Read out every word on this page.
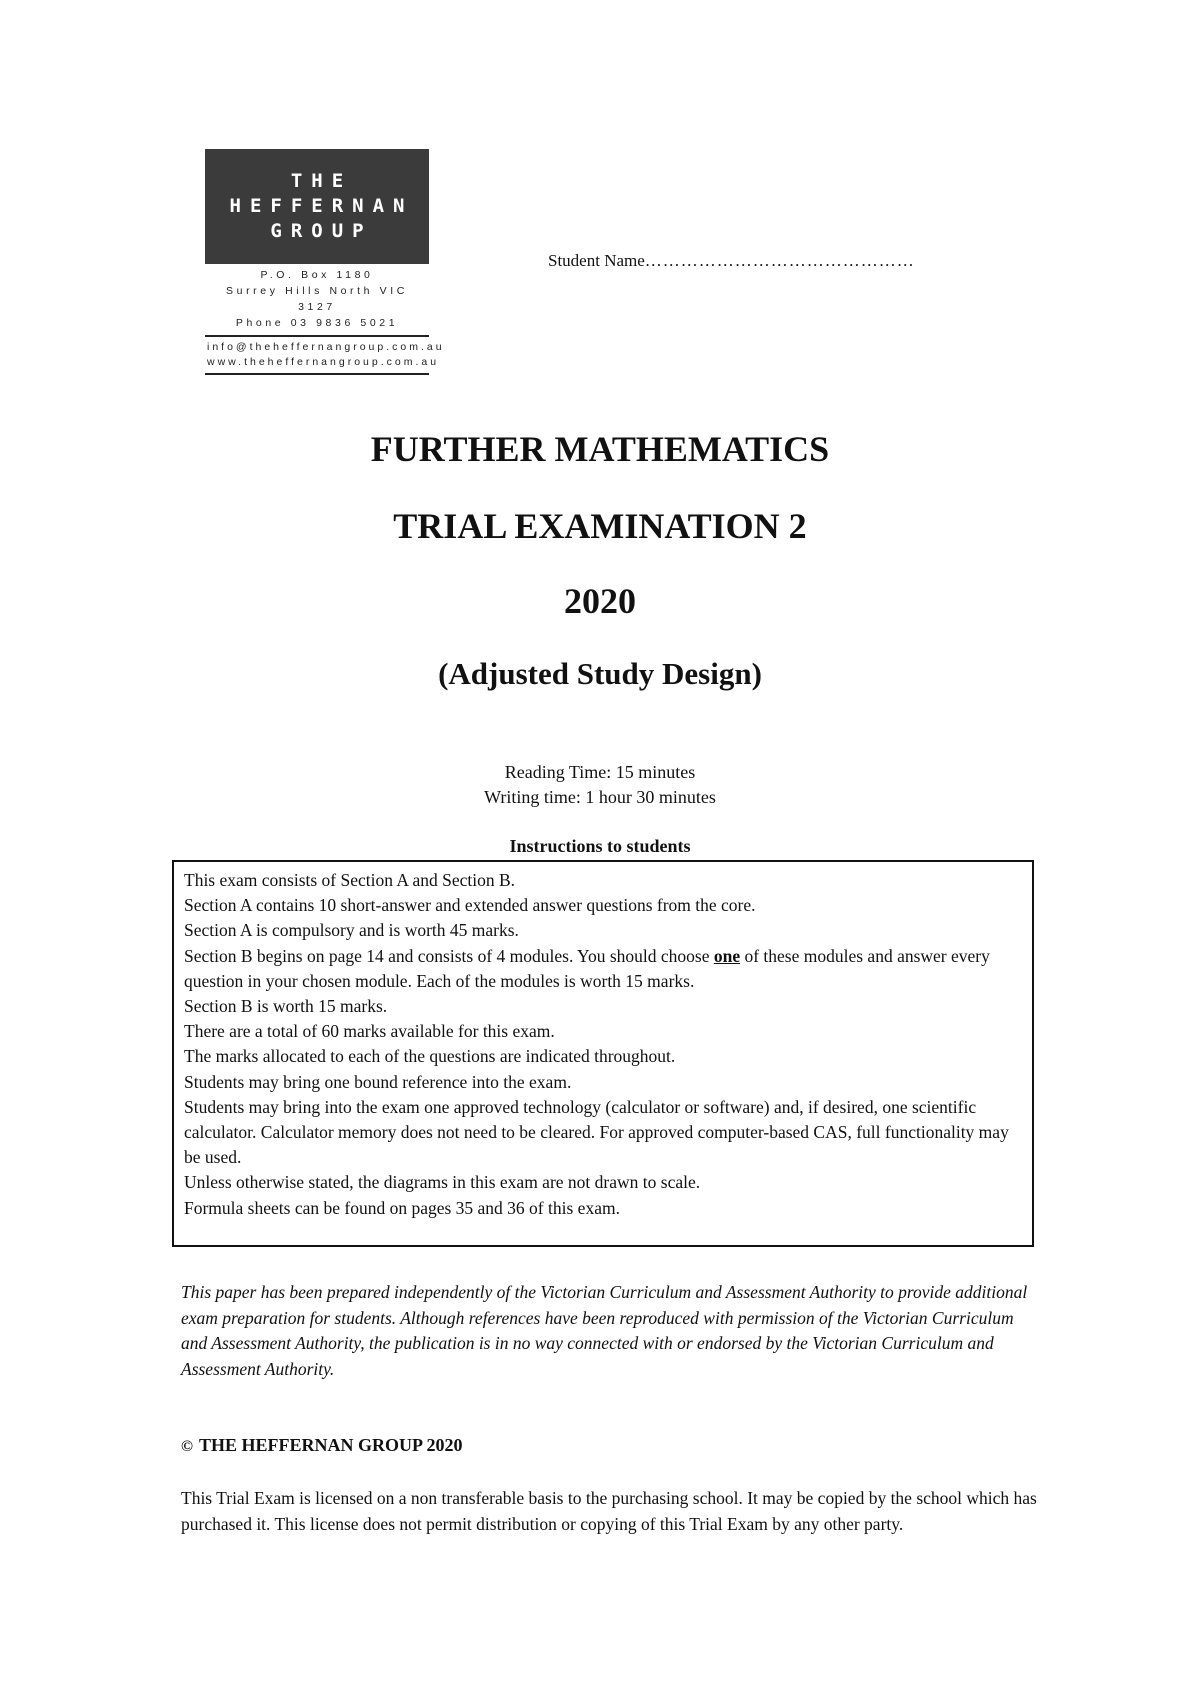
THE
HEFFERNAN
GROUP
P.O. Box 1180
Surrey Hills North VIC 3127
Phone 03 9836 5021
info@theheffernangroup.com.au
www.theheffernangroup.com.au
Student Name………………………………………
FURTHER MATHEMATICS
TRIAL EXAMINATION 2
2020
(Adjusted Study Design)
Reading Time: 15 minutes
Writing time: 1 hour 30 minutes
Instructions to students

This exam consists of Section A and Section B.

Section A contains 10 short-answer and extended answer questions from the core.

Section A is compulsory and is worth 45 marks.

Section B begins on page 14 and consists of 4 modules. You should choose one of these modules and answer every question in your chosen module. Each of the modules is worth 15 marks.

Section B is worth 15 marks.

There are a total of 60 marks available for this exam.

The marks allocated to each of the questions are indicated throughout.

Students may bring one bound reference into the exam.

Students may bring into the exam one approved technology (calculator or software) and, if desired, one scientific calculator. Calculator memory does not need to be cleared. For approved computer-based CAS, full functionality may be used.

Unless otherwise stated, the diagrams in this exam are not drawn to scale.

Formula sheets can be found on pages 35 and 36 of this exam.

This paper has been prepared independently of the Victorian Curriculum and Assessment Authority to provide additional exam preparation for students. Although references have been reproduced with permission of the Victorian Curriculum and Assessment Authority, the publication is in no way connected with or endorsed by the Victorian Curriculum and Assessment Authority.

© THE HEFFERNAN GROUP 2020

This Trial Exam is licensed on a non transferable basis to the purchasing school. It may be copied by the school which has purchased it. This license does not permit distribution or copying of this Trial Exam by any other party.
